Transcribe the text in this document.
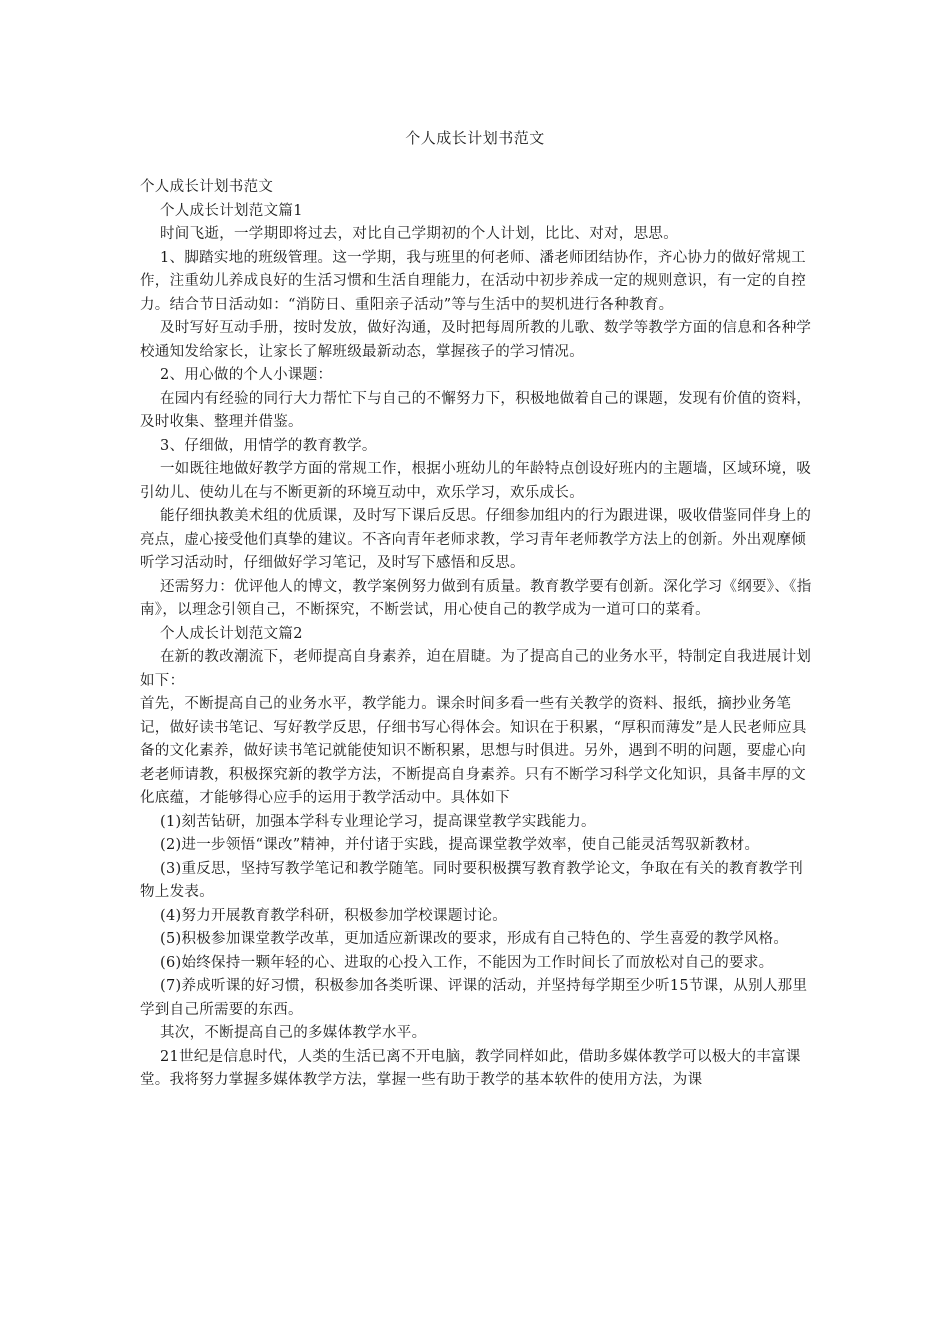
个人成长计划书范文

个人成长计划书范文

个人成长计划范文篇1

时间飞逝，一学期即将过去，对比自己学期初的个人计划，比比、对对，思思。

1、脚踏实地的班级管理。这一学期，我与班里的何老师、潘老师团结协作，齐心协力的做好常规工作，注重幼儿养成良好的生活习惯和生活自理能力，在活动中初步养成一定的规则意识，有一定的自控力。结合节日活动如：“消防日、重阳亲子活动”等与生活中的契机进行各种教育。

及时写好互动手册，按时发放，做好沟通，及时把每周所教的儿歌、数学等教学方面的信息和各种学校通知发给家长，让家长了解班级最新动态，掌握孩子的学习情况。

2、用心做的个人小课题：

在园内有经验的同行大力帮忙下与自己的不懈努力下，积极地做着自己的课题，发现有价值的资料，及时收集、整理并借鉴。

3、仔细做，用情学的教育教学。

一如既往地做好教学方面的常规工作，根据小班幼儿的年龄特点创设好班内的主题墙，区域环境，吸引幼儿、使幼儿在与不断更新的环境互动中，欢乐学习，欢乐成长。

能仔细执教美术组的优质课，及时写下课后反思。仔细参加组内的行为跟进课，吸收借鉴同伴身上的亮点，虚心接受他们真挚的建议。不吝向青年老师求教，学习青年老师教学方法上的创新。外出观摩倾听学习活动时，仔细做好学习笔记，及时写下感悟和反思。

还需努力：优评他人的博文，教学案例努力做到有质量。教育教学要有创新。深化学习《纲要》、《指南》，以理念引领自己，不断探究，不断尝试，用心使自己的教学成为一道可口的菜肴。

个人成长计划范文篇2

在新的教改潮流下，老师提高自身素养，迫在眉睫。为了提高自己的业务水平，特制定自我进展计划如下：

首先，不断提高自己的业务水平，教学能力。课余时间多看一些有关教学的资料、报纸，摘抄业务笔记，做好读书笔记、写好教学反思，仔细书写心得体会。知识在于积累，“厚积而薄发”是人民老师应具备的文化素养，做好读书笔记就能使知识不断积累，思想与时俱进。另外，遇到不明的问题，要虚心向老老师请教，积极探究新的教学方法，不断提高自身素养。只有不断学习科学文化知识，具备丰厚的文化底蕴，才能够得心应手的运用于教学活动中。具体如下

(1)刻苦钻研，加强本学科专业理论学习，提高课堂教学实践能力。

(2)进一步领悟“课改”精神，并付诸于实践，提高课堂教学效率，使自己能灵活驾驭新教材。

(3)重反思，坚持写教学笔记和教学随笔。同时要积极撰写教育教学论文，争取在有关的教育教学刊物上发表。

(4)努力开展教育教学科研，积极参加学校课题讨论。

(5)积极参加课堂教学改革，更加适应新课改的要求，形成有自己特色的、学生喜爱的教学风格。

(6)始终保持一颗年轻的心、进取的心投入工作，不能因为工作时间长了而放松对自己的要求。

(7)养成听课的好习惯，积极参加各类听课、评课的活动，并坚持每学期至少听15节课，从别人那里学到自己所需要的东西。

其次，不断提高自己的多媒体教学水平。

21世纪是信息时代，人类的生活已离不开电脑，教学同样如此，借助多媒体教学可以极大的丰富课堂。我将努力掌握多媒体教学方法，掌握一些有助于教学的基本软件的使用方法，为课
